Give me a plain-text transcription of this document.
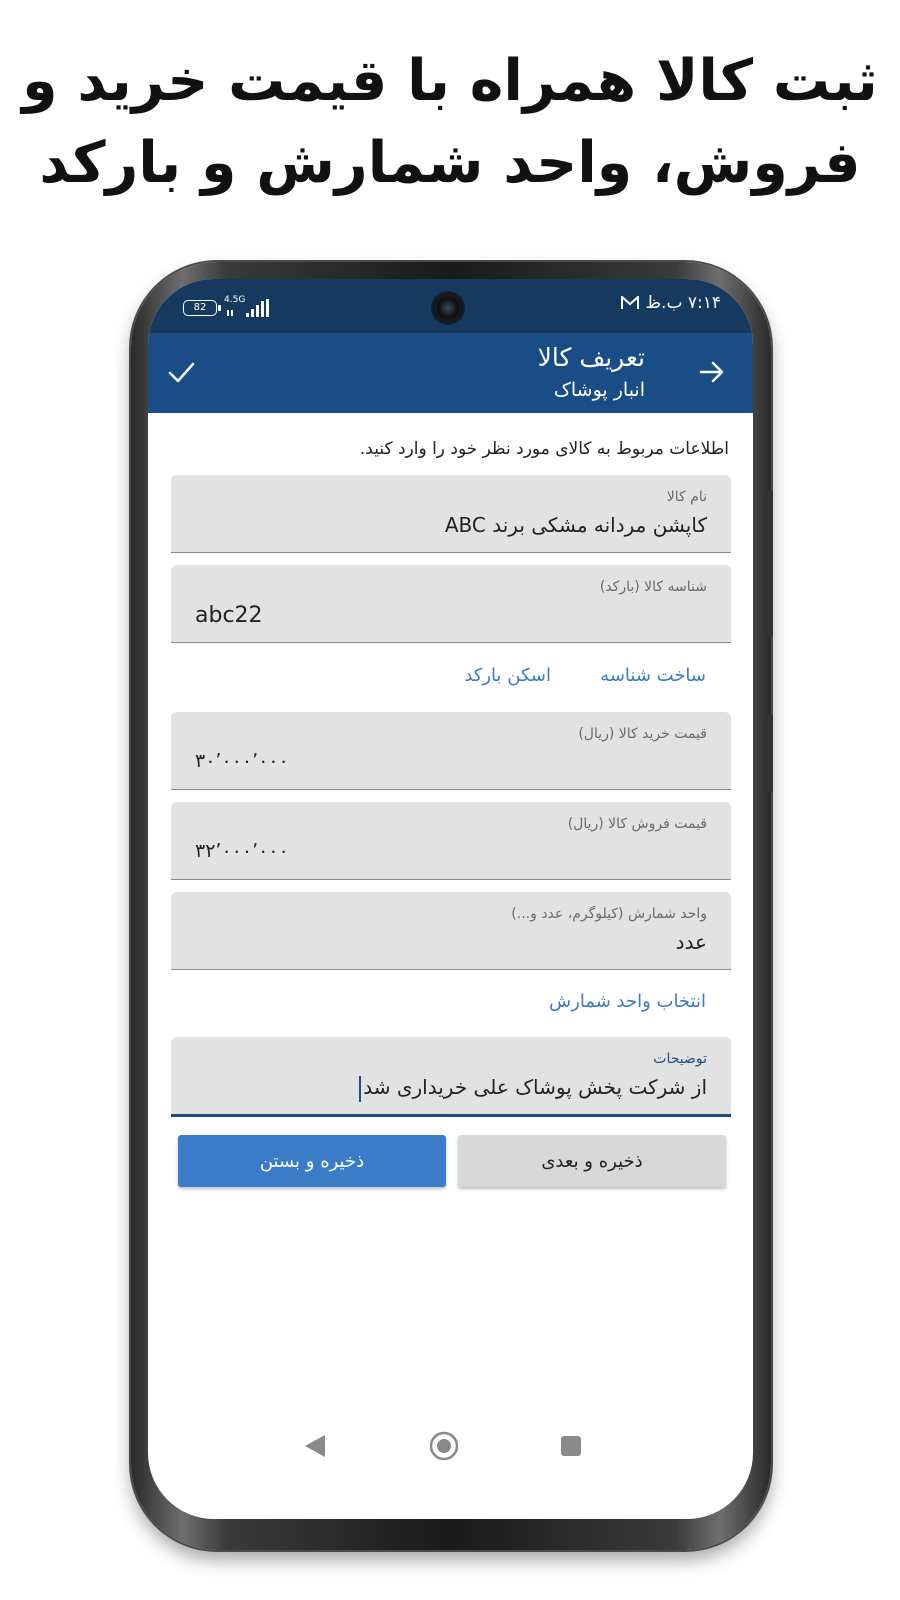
ثبت کالا همراه با قیمت خرید و
فروش، واحد شمارش و بارکد
82
4.5G	۷:۱۴ ب.ظ
تعریف کالا
انبار پوشاک
اطلاعات مربوط به کالای مورد نظر خود را وارد کنید.
نام کالا
کاپشن مردانه مشکی برند ABC
شناسه کالا (بارکد)
abc22
ساخت شناسه
اسکن بارکد
قیمت خرید کالا (ریال)
۳۰٬۰۰۰٬۰۰۰
قیمت فروش کالا (ریال)
۳۲٬۰۰۰٬۰۰۰
واحد شمارش (کیلوگرم، عدد و...)
عدد
انتخاب واحد شمارش
توضیحات
از شرکت پخش پوشاک علی خریداری شد
ذخیره و بعدی
ذخیره و بستن
